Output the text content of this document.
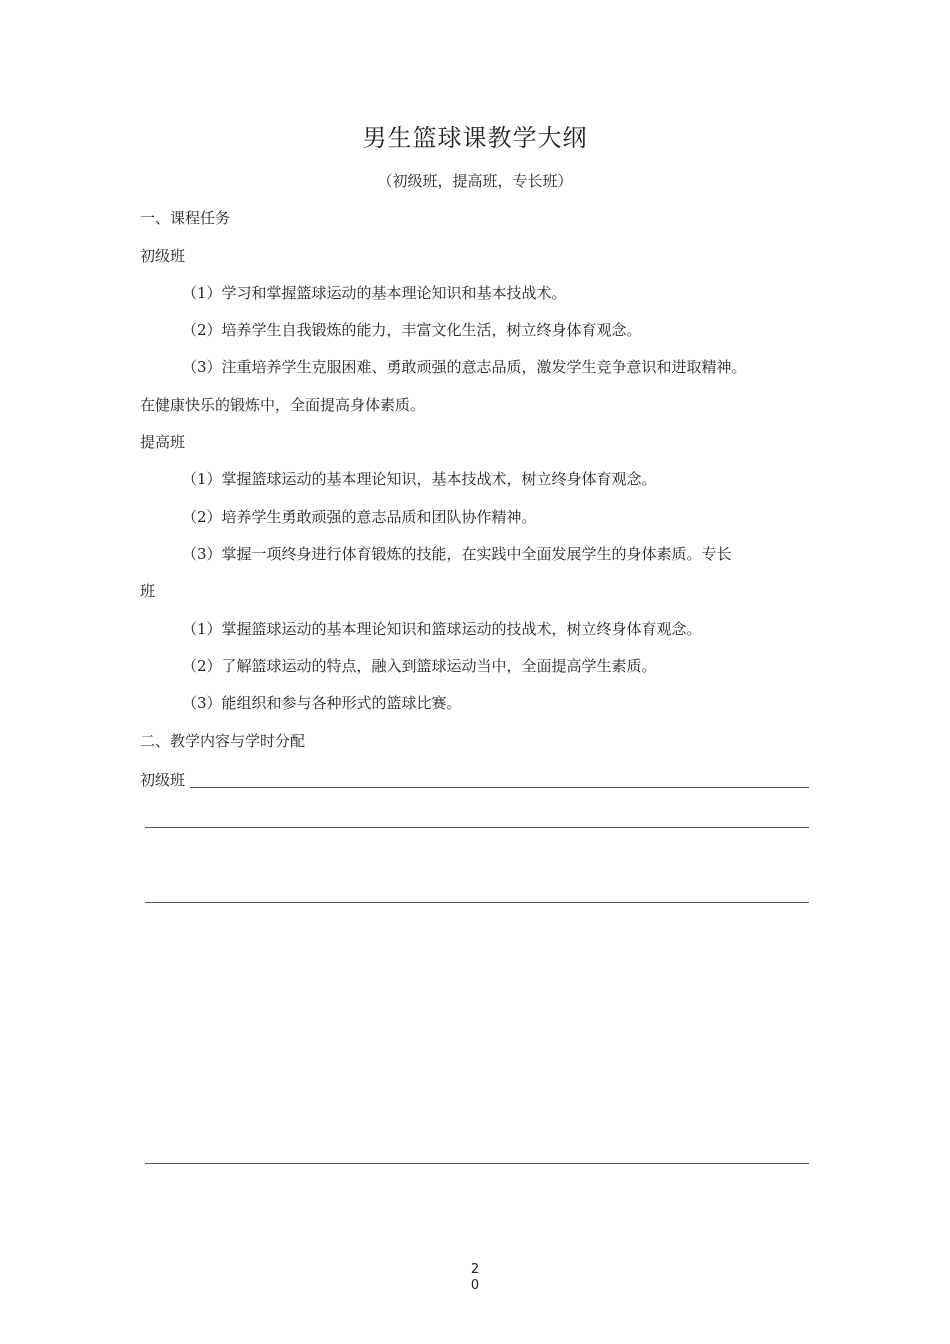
男生篮球课教学大纲
（初级班，提高班，专长班）
一、课程任务
初级班
（1）学习和掌握篮球运动的基本理论知识和基本技战术。
（2）培养学生自我锻炼的能力，丰富文化生活，树立终身体育观念。
（3）注重培养学生克服困难、勇敢顽强的意志品质，激发学生竞争意识和进取精神。
在健康快乐的锻炼中，全面提高身体素质。
提高班
（1）掌握篮球运动的基本理论知识，基本技战术，树立终身体育观念。
（2）培养学生勇敢顽强的意志品质和团队协作精神。
（3）掌握一项终身进行体育锻炼的技能，在实践中全面发展学生的身体素质。专长
班
（1）掌握篮球运动的基本理论知识和篮球运动的技战术，树立终身体育观念。
（2）了解篮球运动的特点，融入到篮球运动当中，全面提高学生素质。
（3）能组织和参与各种形式的篮球比赛。
二、教学内容与学时分配
初级班
2
0
